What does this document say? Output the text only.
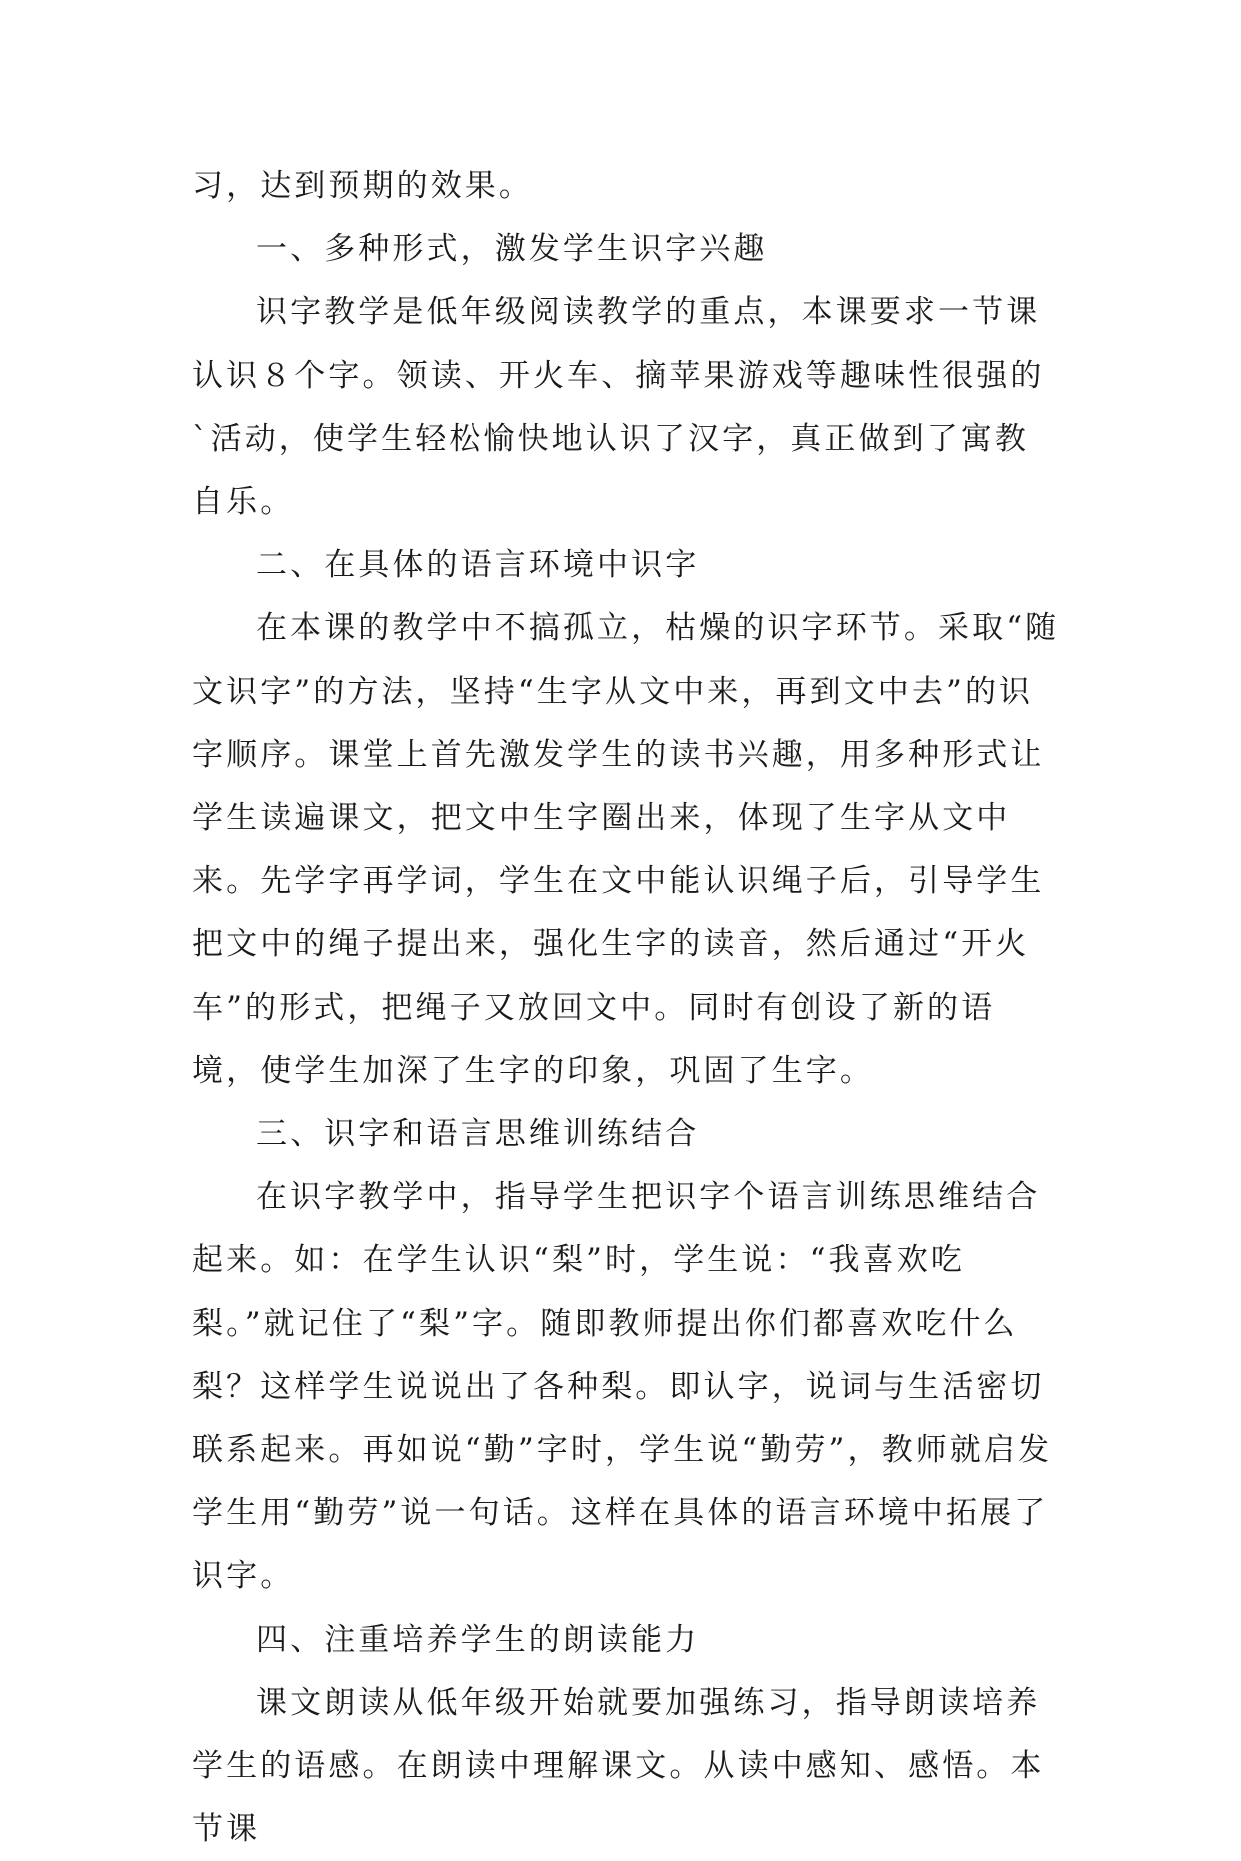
习，达到预期的效果。

一、多种形式，激发学生识字兴趣

识字教学是低年级阅读教学的重点，本课要求一节课认识８个字。领读、开火车、摘苹果游戏等趣味性很强的`活动，使学生轻松愉快地认识了汉字，真正做到了寓教自乐。

二、在具体的语言环境中识字

在本课的教学中不搞孤立，枯燥的识字环节。采取“随文识字”的方法，坚持“生字从文中来，再到文中去”的识字顺序。课堂上首先激发学生的读书兴趣，用多种形式让学生读遍课文，把文中生字圈出来，体现了生字从文中来。先学字再学词，学生在文中能认识绳子后，引导学生把文中的绳子提出来，强化生字的读音，然后通过“开火车”的形式，把绳子又放回文中。同时有创设了新的语境，使学生加深了生字的印象，巩固了生字。

三、识字和语言思维训练结合

在识字教学中，指导学生把识字个语言训练思维结合起来。如：在学生认识“梨”时，学生说：“我喜欢吃梨。”就记住了“梨”字。随即教师提出你们都喜欢吃什么梨？这样学生说说出了各种梨。即认字，说词与生活密切联系起来。再如说“勤”字时，学生说“勤劳”，教师就启发学生用“勤劳”说一句话。这样在具体的语言环境中拓展了识字。

四、注重培养学生的朗读能力

课文朗读从低年级开始就要加强练习，指导朗读培养学生的语感。在朗读中理解课文。从读中感知、感悟。本节课
